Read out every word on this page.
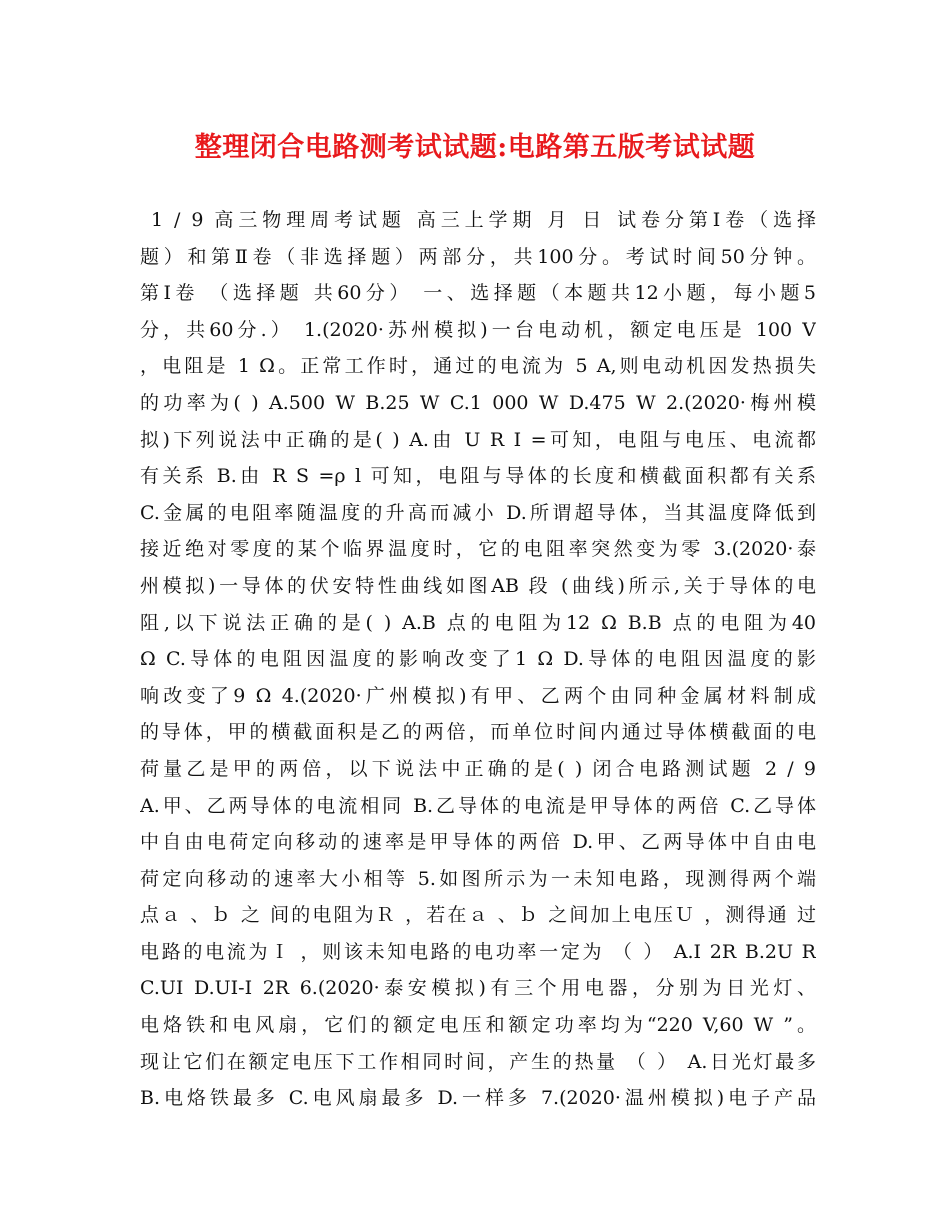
整理闭合电路测考试试题:电路第五版考试试题
1 / 9 高三物理周考试题 高三上学期 月 日 试卷分第Ⅰ卷（选择
题）和第Ⅱ卷（非选择题）两部分，共100分。考试时间50分钟。
第Ⅰ卷 （选择题 共60分） 一、选择题（本题共12小题，每小题5
分，共60分.） 1.(2020·苏州模拟)一台电动机，额定电压是 100 V
，电阻是 1 Ω。正常工作时，通过的电流为 5 A,则电动机因发热损失
的功率为( ) A.500 W B.25 W C.1 000 W D.475 W 2.(2020·梅州模
拟)下列说法中正确的是( ) A.由 U R I =可知，电阻与电压、电流都
有关系 B.由 R S =ρ l 可知，电阻与导体的长度和横截面积都有关系
C.金属的电阻率随温度的升高而减小 D.所谓超导体，当其温度降低到
接近绝对零度的某个临界温度时，它的电阻率突然变为零 3.(2020·泰
州模拟)一导体的伏安特性曲线如图AB 段 (曲线)所示,关于导体的电
阻,以下说法正确的是( ) A.B 点的电阻为12 Ω B.B 点的电阻为40
Ω C.导体的电阻因温度的影响改变了1 Ω D.导体的电阻因温度的影
响改变了9 Ω 4.(2020·广州模拟)有甲、乙两个由同种金属材料制成
的导体，甲的横截面积是乙的两倍，而单位时间内通过导体横截面的电
荷量乙是甲的两倍，以下说法中正确的是( ) 闭合电路测试题 2 / 9
A.甲、乙两导体的电流相同 B.乙导体的电流是甲导体的两倍 C.乙导体
中自由电荷定向移动的速率是甲导体的两倍 D.甲、乙两导体中自由电
荷定向移动的速率大小相等 5.如图所示为一未知电路，现测得两个端
点ａ 、ｂ 之 间的电阻为Ｒ ，若在ａ 、ｂ 之间加上电压Ｕ ，测得通 过
电路的电流为Ｉ ，则该未知电路的电功率一定为 （ ） A.I 2R B.2U R
C.UI D.UI-I 2R 6.(2020·泰安模拟)有三个用电器，分别为日光灯、
电烙铁和电风扇，它们的额定电压和额定功率均为“220 V,60 W ”。
现让它们在额定电压下工作相同时间，产生的热量 （ ） A.日光灯最多
B.电烙铁最多 C.电风扇最多 D.一样多 7.(2020·温州模拟)电子产品
